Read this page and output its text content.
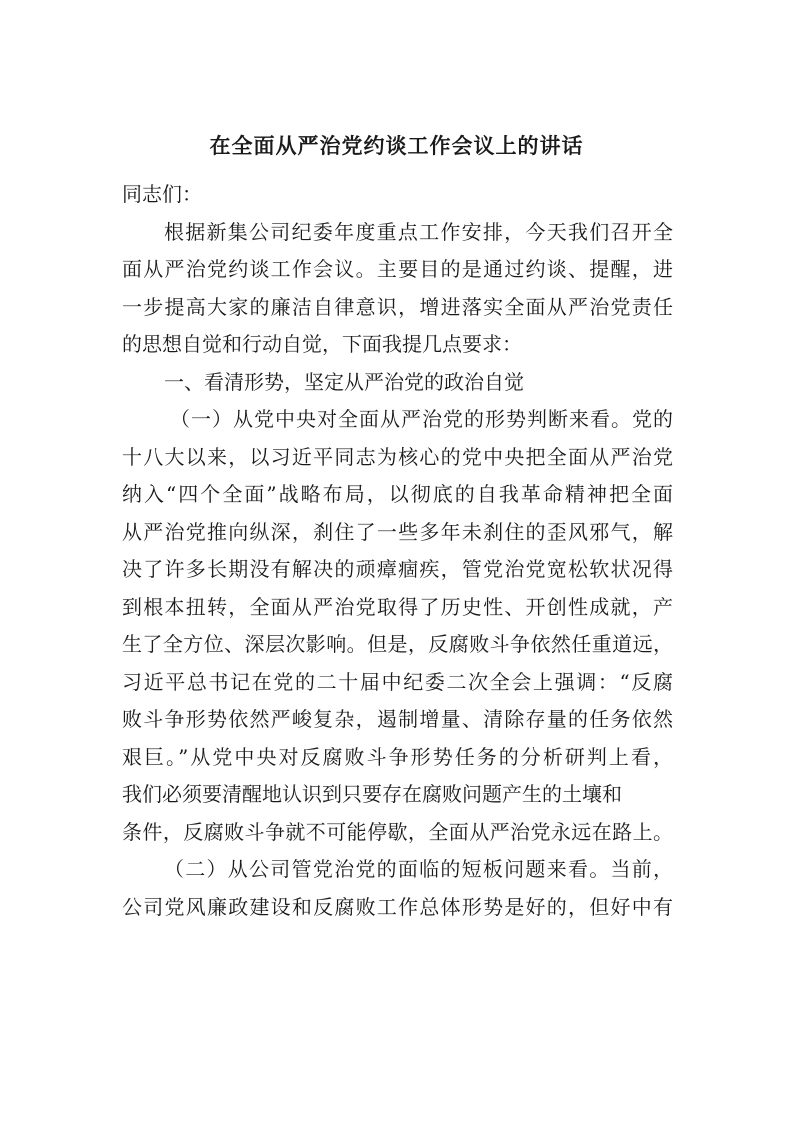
在全面从严治党约谈工作会议上的讲话
同志们：
根据新集公司纪委年度重点工作安排，今天我们召开全
面从严治党约谈工作会议。主要目的是通过约谈、提醒，进
一步提高大家的廉洁自律意识，增进落实全面从严治党责任
的思想自觉和行动自觉，下面我提几点要求：
一、看清形势，坚定从严治党的政治自觉
（一）从党中央对全面从严治党的形势判断来看。党的
十八大以来，以习近平同志为核心的党中央把全面从严治党
纳入“四个全面”战略布局，以彻底的自我革命精神把全面
从严治党推向纵深，刹住了一些多年未刹住的歪风邪气，解
决了许多长期没有解决的顽瘴痼疾，管党治党宽松软状况得
到根本扭转，全面从严治党取得了历史性、开创性成就，产
生了全方位、深层次影响。但是，反腐败斗争依然任重道远，
习近平总书记在党的二十届中纪委二次全会上强调：“反腐
败斗争形势依然严峻复杂，遏制增量、清除存量的任务依然
艰巨。”从党中央对反腐败斗争形势任务的分析研判上看，
我们必须要清醒地认识到只要存在腐败问题产生的土壤和
条件，反腐败斗争就不可能停歇，全面从严治党永远在路上。
（二）从公司管党治党的面临的短板问题来看。当前，
公司党风廉政建设和反腐败工作总体形势是好的，但好中有
